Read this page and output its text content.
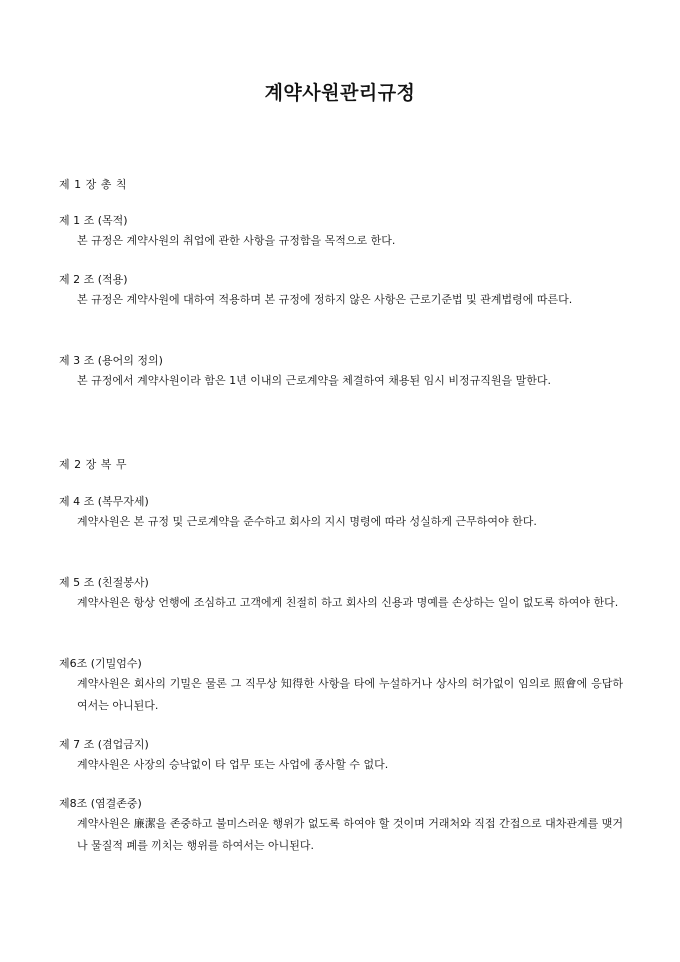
계약사원관리규정
제 1 장 총 칙
제 1 조 (목적)
본 규정은 계약사원의 취업에 관한 사항을 규정함을 목적으로 한다.
제 2 조 (적용)
본 규정은 계약사원에 대하여 적용하며 본 규정에 정하지 않은 사항은 근로기준법 및 관계법령에 따른다.
제 3 조 (용어의 정의)
본 규정에서 계약사원이라 함은 1년 이내의 근로계약을 체결하여 채용된 임시 비정규직원을 말한다.
제 2 장 복 무
제 4 조 (복무자세)
계약사원은 본 규정 및 근로계약을 준수하고 회사의 지시 명령에 따라 성실하게 근무하여야 한다.
제 5 조 (친절봉사)
계약사원은 항상 언행에 조심하고 고객에게 친절히 하고 회사의 신용과 명예를 손상하는 일이 없도록 하여야 한다.
제6조 (기밀엄수)
계약사원은 회사의 기밀은 물론 그 직무상 知得한 사항을 타에 누설하거나 상사의 허가없이 임의로 照會에 응답하여서는 아니된다.
제 7 조 (겸업금지)
계약사원은 사장의 승낙없이 타 업무 또는 사업에 종사할 수 없다.
제8조 (염결존중)
계약사원은 廉潔을 존중하고 불미스러운 행위가 없도록 하여야 할 것이며 거래처와 직접 간접으로 대차관계를 맺거나 물질적 폐를 끼치는 행위를 하여서는 아니된다.
